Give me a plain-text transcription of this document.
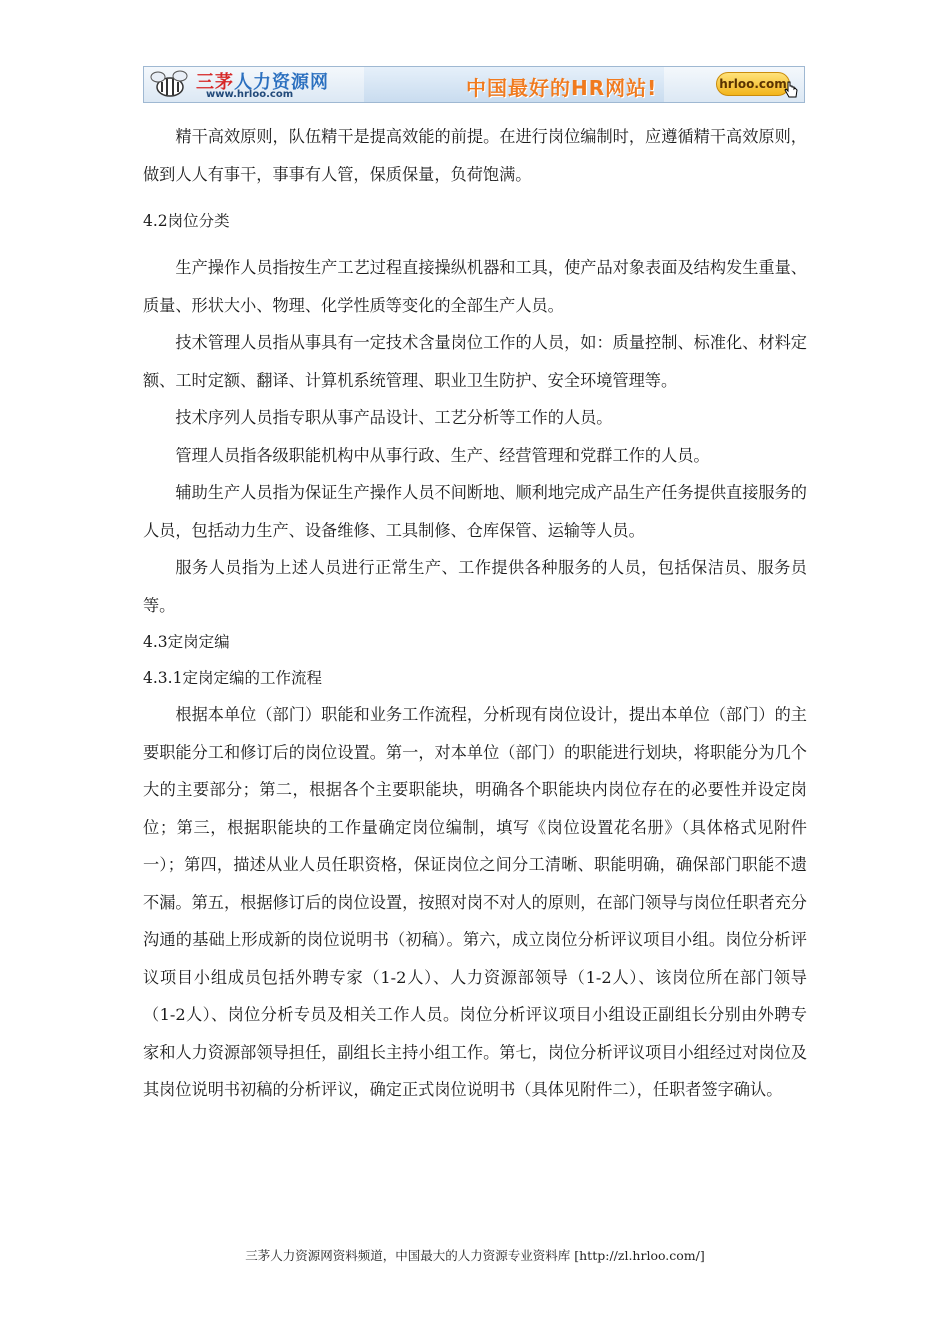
三茅人力资源网
www.hrloo.com	中国最好的HR网站!	hrloo.com

精干高效原则，队伍精干是提高效能的前提。在进行岗位编制时，应遵循精干高效原则，做到人人有事干，事事有人管，保质保量，负荷饱满。

4.2岗位分类

生产操作人员指按生产工艺过程直接操纵机器和工具，使产品对象表面及结构发生重量、质量、形状大小、物理、化学性质等变化的全部生产人员。

技术管理人员指从事具有一定技术含量岗位工作的人员，如：质量控制、标准化、材料定额、工时定额、翻译、计算机系统管理、职业卫生防护、安全环境管理等。

技术序列人员指专职从事产品设计、工艺分析等工作的人员。

管理人员指各级职能机构中从事行政、生产、经营管理和党群工作的人员。

辅助生产人员指为保证生产操作人员不间断地、顺利地完成产品生产任务提供直接服务的人员，包括动力生产、设备维修、工具制修、仓库保管、运输等人员。

服务人员指为上述人员进行正常生产、工作提供各种服务的人员，包括保洁员、服务员等。

4.3定岗定编

4.3.1定岗定编的工作流程

根据本单位（部门）职能和业务工作流程，分析现有岗位设计，提出本单位（部门）的主要职能分工和修订后的岗位设置。第一，对本单位（部门）的职能进行划块，将职能分为几个大的主要部分；第二，根据各个主要职能块，明确各个职能块内岗位存在的必要性并设定岗位；第三，根据职能块的工作量确定岗位编制，填写《岗位设置花名册》（具体格式见附件一）；第四，描述从业人员任职资格，保证岗位之间分工清晰、职能明确，确保部门职能不遗不漏。第五，根据修订后的岗位设置，按照对岗不对人的原则，在部门领导与岗位任职者充分沟通的基础上形成新的岗位说明书（初稿）。第六，成立岗位分析评议项目小组。岗位分析评议项目小组成员包括外聘专家（1-2人）、人力资源部领导（1-2人）、该岗位所在部门领导（1-2人）、岗位分析专员及相关工作人员。岗位分析评议项目小组设正副组长分别由外聘专家和人力资源部领导担任，副组长主持小组工作。第七，岗位分析评议项目小组经过对岗位及其岗位说明书初稿的分析评议，确定正式岗位说明书（具体见附件二），任职者签字确认。

三茅人力资源网资料频道，中国最大的人力资源专业资料库 [http://zl.hrloo.com/]
